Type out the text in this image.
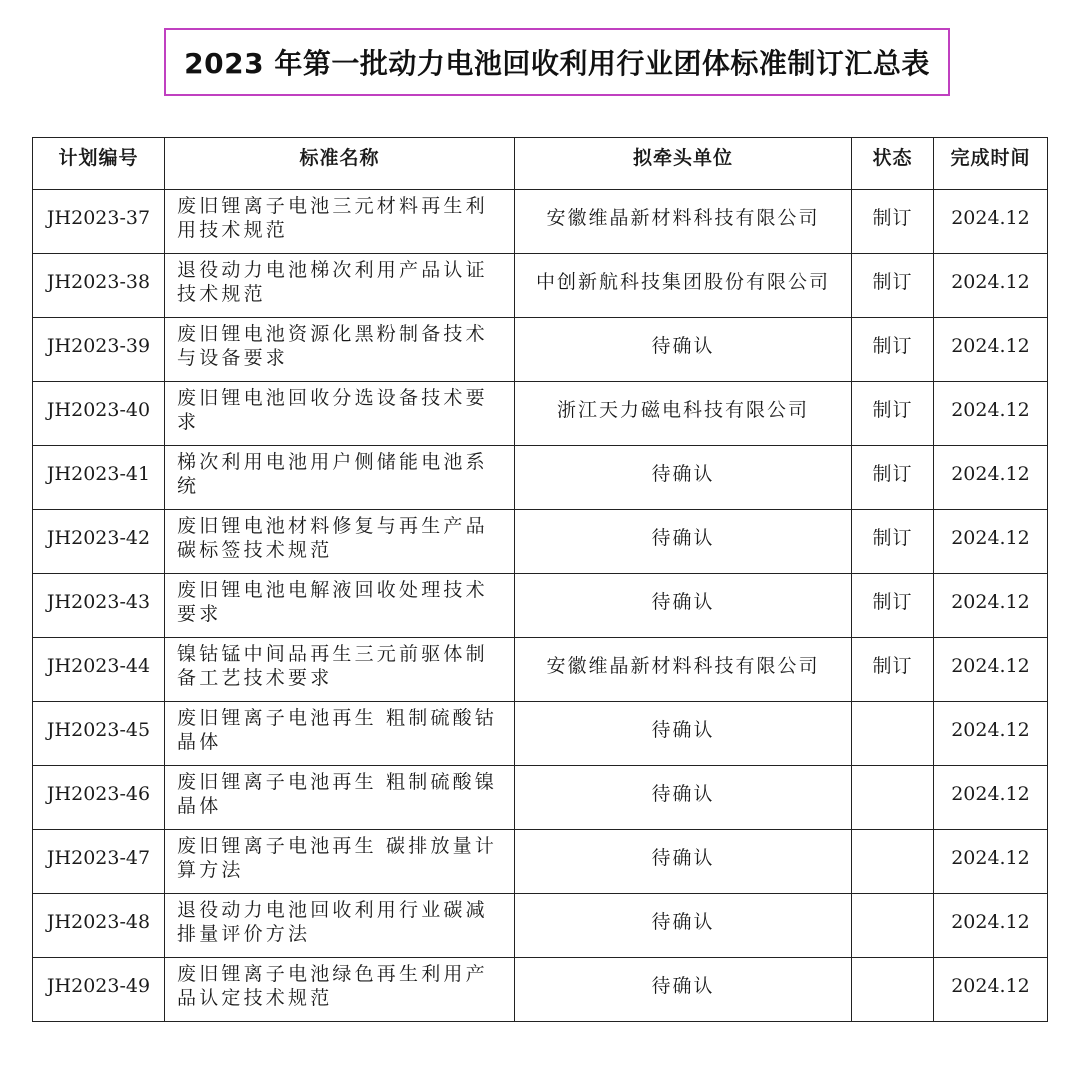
2023 年第一批动力电池回收利用行业团体标准制订汇总表
计划编号	标准名称	拟牵头单位	状态	完成时间
JH2023-37	废旧锂离子电池三元材料再生利用技术规范	安徽维晶新材料科技有限公司	制订	2024.12
JH2023-38	退役动力电池梯次利用产品认证技术规范	中创新航科技集团股份有限公司	制订	2024.12
JH2023-39	废旧锂电池资源化黑粉制备技术与设备要求	待确认	制订	2024.12
JH2023-40	废旧锂电池回收分选设备技术要求	浙江天力磁电科技有限公司	制订	2024.12
JH2023-41	梯次利用电池用户侧储能电池系统	待确认	制订	2024.12
JH2023-42	废旧锂电池材料修复与再生产品碳标签技术规范	待确认	制订	2024.12
JH2023-43	废旧锂电池电解液回收处理技术要求	待确认	制订	2024.12
JH2023-44	镍钴锰中间品再生三元前驱体制备工艺技术要求	安徽维晶新材料科技有限公司	制订	2024.12
JH2023-45	废旧锂离子电池再生 粗制硫酸钴晶体	待确认		2024.12
JH2023-46	废旧锂离子电池再生 粗制硫酸镍晶体	待确认		2024.12
JH2023-47	废旧锂离子电池再生 碳排放量计算方法	待确认		2024.12
JH2023-48	退役动力电池回收利用行业碳减排量评价方法	待确认		2024.12
JH2023-49	废旧锂离子电池绿色再生利用产品认定技术规范	待确认		2024.12
